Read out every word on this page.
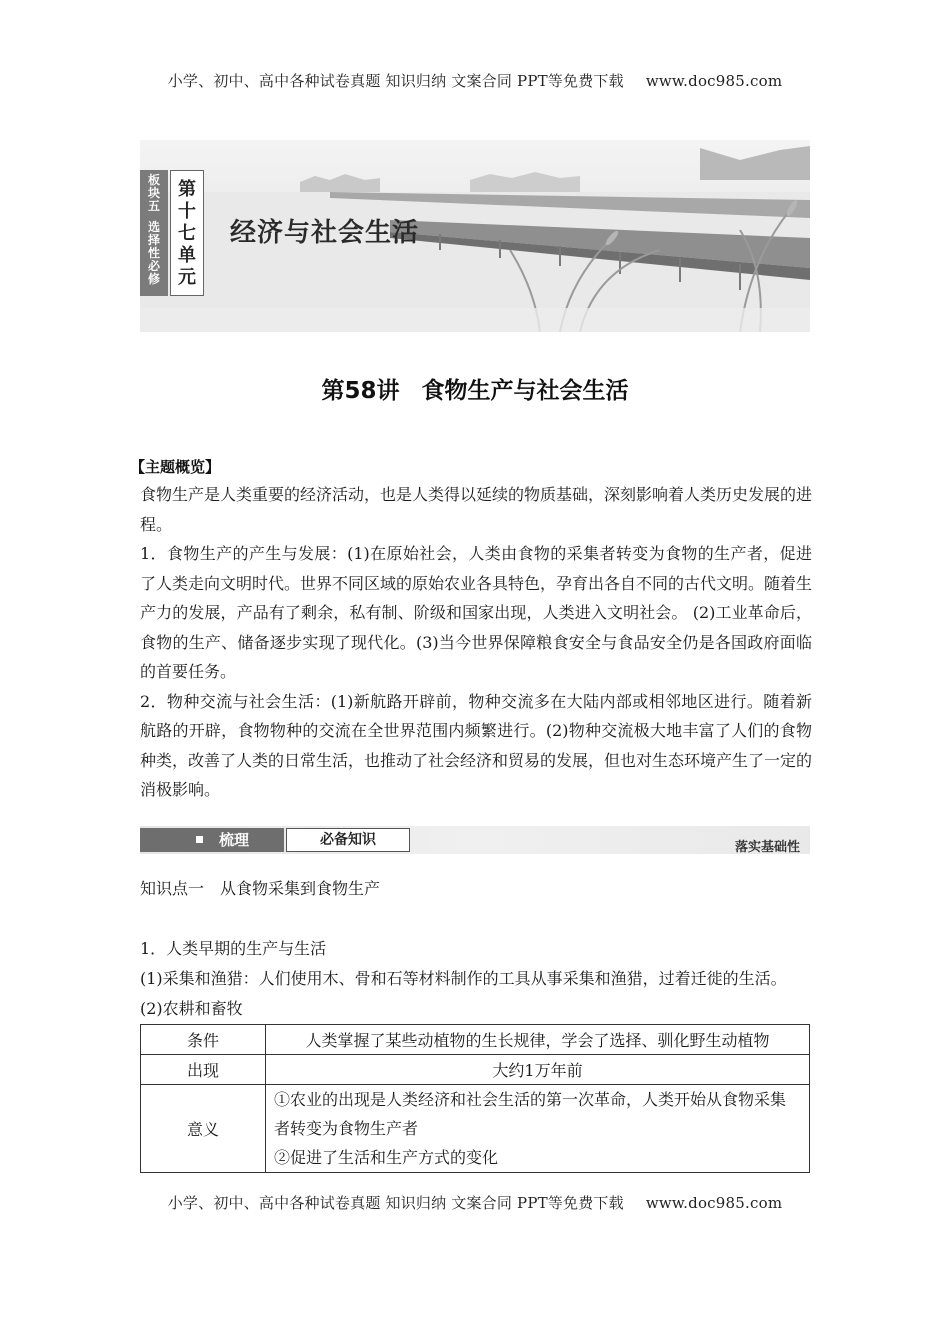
小学、初中、高中各种试卷真题 知识归纳 文案合同 PPT等免费下载 www.doc985.com
板
块
五
选
择
性
必
修
第
十
七
单
元
经济与社会生活
第58讲 食物生产与社会生活
【主题概览】

食物生产是人类重要的经济活动，也是人类得以延续的物质基础，深刻影响着人类历史发展的进程。

1．食物生产的产生与发展：(1)在原始社会，人类由食物的采集者转变为食物的生产者，促进了人类走向文明时代。世界不同区域的原始农业各具特色，孕育出各自不同的古代文明。随着生产力的发展，产品有了剩余，私有制、阶级和国家出现，人类进入文明社会。 (2)工业革命后，食物的生产、储备逐步实现了现代化。(3)当今世界保障粮食安全与食品安全仍是各国政府面临的首要任务。

2．物种交流与社会生活：(1)新航路开辟前，物种交流多在大陆内部或相邻地区进行。随着新航路的开辟，食物物种的交流在全世界范围内频繁进行。(2)物种交流极大地丰富了人们的食物种类，改善了人类的日常生活，也推动了社会经济和贸易的发展，但也对生态环境产生了一定的消极影响。

梳理	必备知识	落实基础性
知识点一　从食物采集到食物生产
1．人类早期的生产与生活
(1)采集和渔猎：人们使用木、骨和石等材料制作的工具从事采集和渔猎，过着迁徙的生活。
(2)农耕和畜牧
条件	人类掌握了某些动植物的生长规律，学会了选择、驯化野生动植物
出现	大约1万年前
意义	①农业的出现是人类经济和社会生活的第一次革命，人类开始从食物采集者转变为食物生产者
②促进了生活和生产方式的变化
小学、初中、高中各种试卷真题 知识归纳 文案合同 PPT等免费下载 www.doc985.com
